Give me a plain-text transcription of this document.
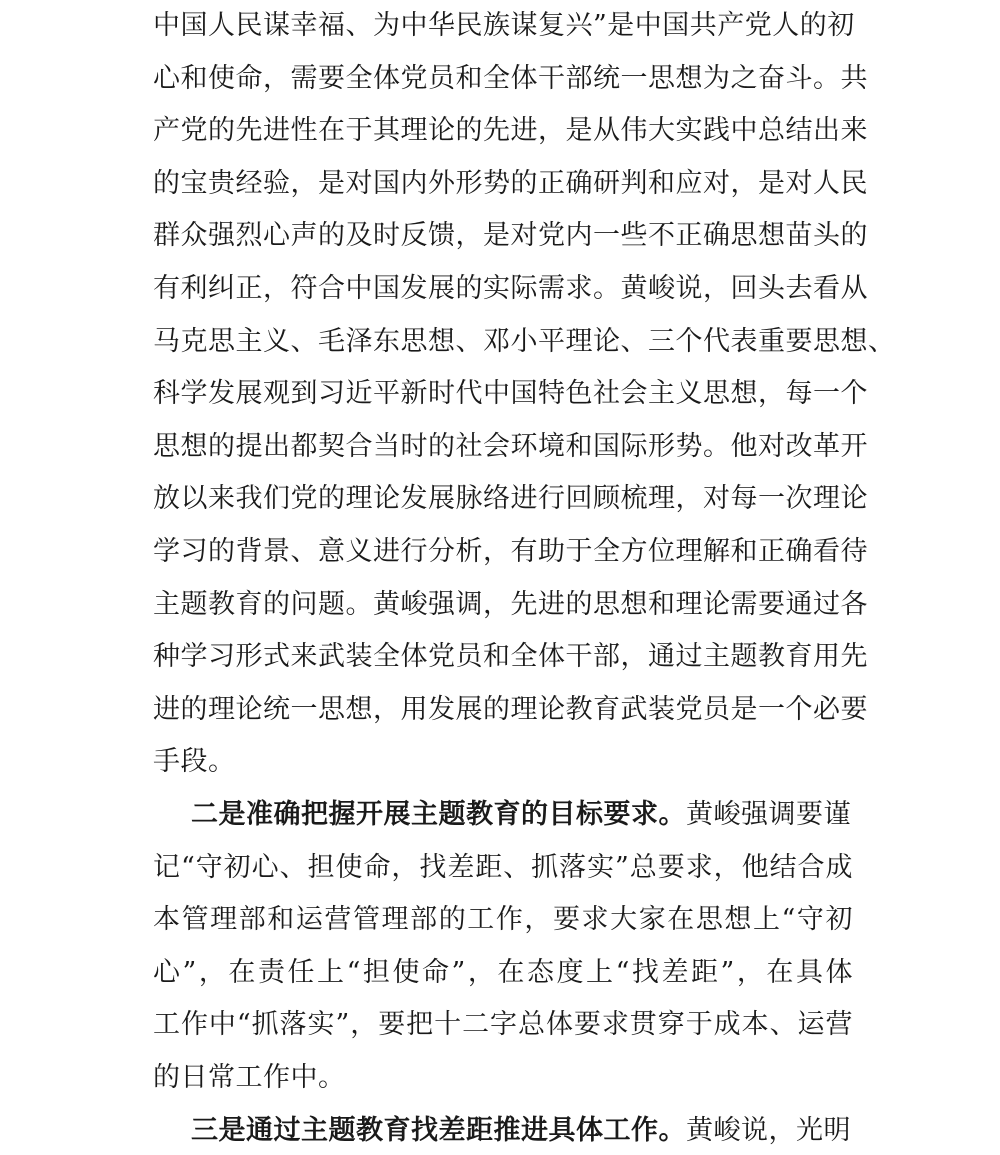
中国人民谋幸福、为中华民族谋复兴”是中国共产党人的初
心和使命，需要全体党员和全体干部统一思想为之奋斗。共
产党的先进性在于其理论的先进，是从伟大实践中总结出来
的宝贵经验，是对国内外形势的正确研判和应对，是对人民
群众强烈心声的及时反馈，是对党内一些不正确思想苗头的
有利纠正，符合中国发展的实际需求。黄峻说，回头去看从
马克思主义、毛泽东思想、邓小平理论、三个代表重要思想、
科学发展观到习近平新时代中国特色社会主义思想，每一个
思想的提出都契合当时的社会环境和国际形势。他对改革开
放以来我们党的理论发展脉络进行回顾梳理，对每一次理论
学习的背景、意义进行分析，有助于全方位理解和正确看待
主题教育的问题。黄峻强调，先进的思想和理论需要通过各
种学习形式来武装全体党员和全体干部，通过主题教育用先
进的理论统一思想，用发展的理论教育武装党员是一个必要
手段。
二是准确把握开展主题教育的目标要求。黄峻强调要谨
记“守初心、担使命，找差距、抓落实”总要求，他结合成
本管理部和运营管理部的工作，要求大家在思想上“守初
心”，在责任上“担使命”，在态度上“找差距”，在具体
工作中“抓落实”，要把十二字总体要求贯穿于成本、运营
的日常工作中。
三是通过主题教育找差距推进具体工作。黄峻说，光明
